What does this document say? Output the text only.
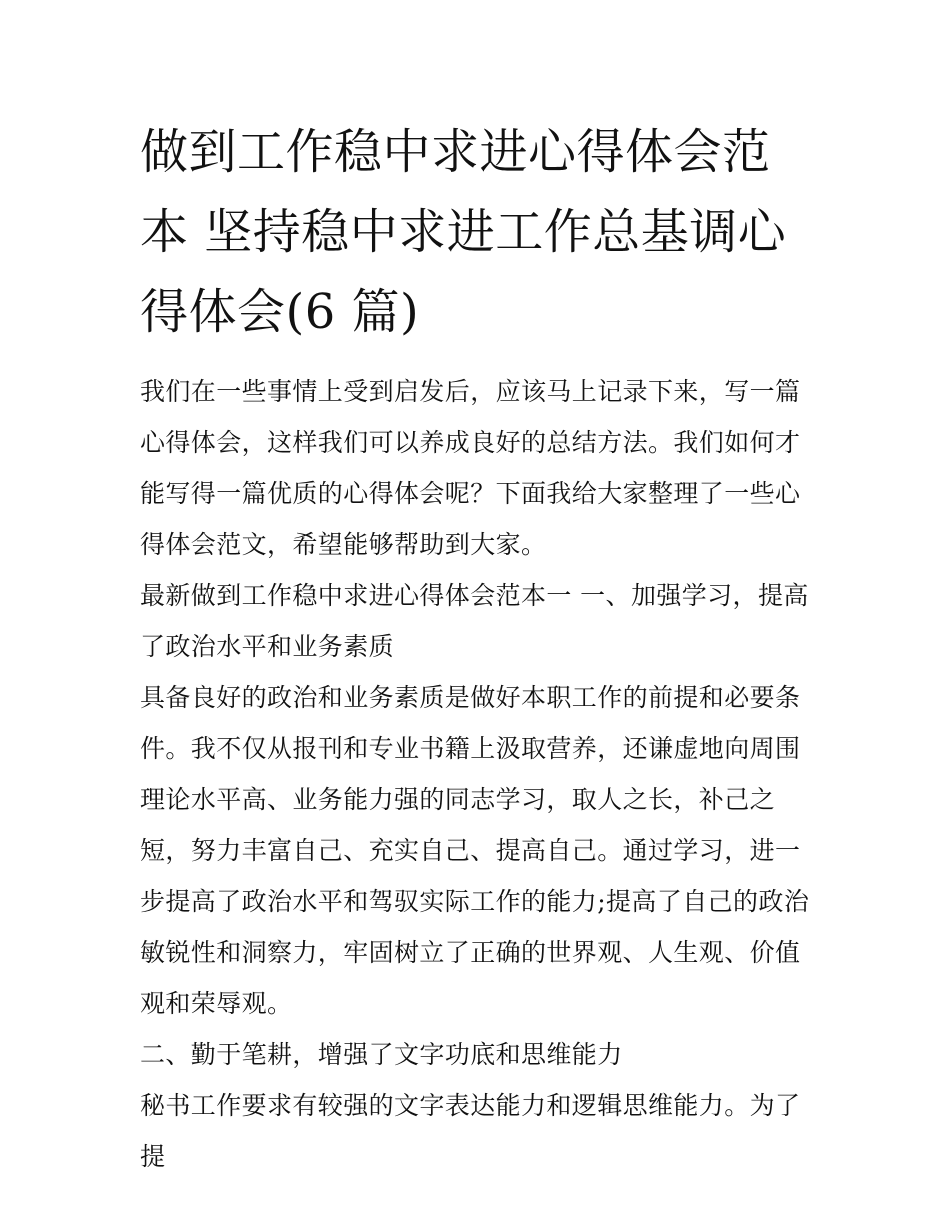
做到工作稳中求进心得体会范本 坚持稳中求进工作总基调心得体会(6 篇)

我们在一些事情上受到启发后，应该马上记录下来，写一篇心得体会，这样我们可以养成良好的总结方法。我们如何才能写得一篇优质的心得体会呢？下面我给大家整理了一些心得体会范文，希望能够帮助到大家。

最新做到工作稳中求进心得体会范本一 一、加强学习，提高了政治水平和业务素质

具备良好的政治和业务素质是做好本职工作的前提和必要条件。我不仅从报刊和专业书籍上汲取营养，还谦虚地向周围理论水平高、业务能力强的同志学习，取人之长，补己之短，努力丰富自己、充实自己、提高自己。通过学习，进一步提高了政治水平和驾驭实际工作的能力;提高了自己的政治敏锐性和洞察力，牢固树立了正确的世界观、人生观、价值观和荣辱观。

二、勤于笔耕，增强了文字功底和思维能力

秘书工作要求有较强的文字表达能力和逻辑思维能力。为了提
